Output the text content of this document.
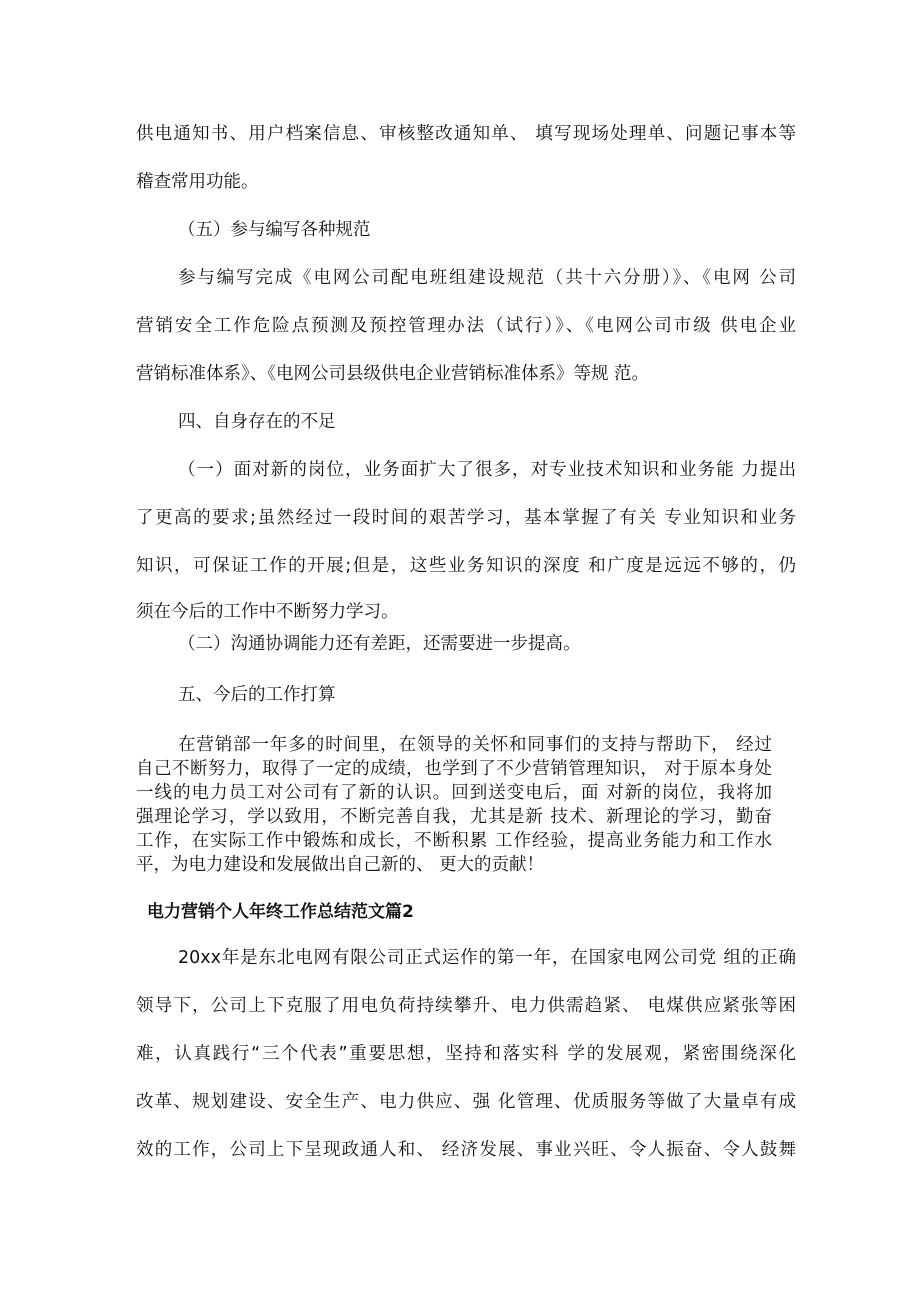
供电通知书、用户档案信息、审核整改通知单、 填写现场处理单、问题记事本等
稽查常用功能。
（五）参与编写各种规范
参与编写完成《电网公司配电班组建设规范（共十六分册）》、《电网 公司
营销安全工作危险点预测及预控管理办法（试行）》、《电网公司市级 供电企业
营销标准体系》、《电网公司县级供电企业营销标准体系》等规 范。
四、自身存在的不足
（一）面对新的岗位，业务面扩大了很多，对专业技术知识和业务能 力提出
了更高的要求;虽然经过一段时间的艰苦学习，基本掌握了有关 专业知识和业务
知识，可保证工作的开展;但是，这些业务知识的深度 和广度是远远不够的，仍
须在今后的工作中不断努力学习。
（二）沟通协调能力还有差距，还需要进一步提高。
五、今后的工作打算
在营销部一年多的时间里，在领导的关怀和同事们的支持与帮助下， 经过
自己不断努力，取得了一定的成绩，也学到了不少营销管理知识， 对于原本身处
一线的电力员工对公司有了新的认识。回到送变电后，面 对新的岗位，我将加
强理论学习，学以致用，不断完善自我，尤其是新 技术、新理论的学习，勤奋
工作，在实际工作中锻炼和成长，不断积累 工作经验，提高业务能力和工作水
平，为电力建设和发展做出自己新的、 更大的贡献！
电力营销个人年终工作总结范文篇2
20xx年是东北电网有限公司正式运作的第一年，在国家电网公司党 组的正确
领导下，公司上下克服了用电负荷持续攀升、电力供需趋紧、 电煤供应紧张等困
难，认真践行“三个代表”重要思想，坚持和落实科 学的发展观，紧密围绕深化
改革、规划建设、安全生产、电力供应、强 化管理、优质服务等做了大量卓有成
效的工作，公司上下呈现政通人和、 经济发展、事业兴旺、令人振奋、令人鼓舞
